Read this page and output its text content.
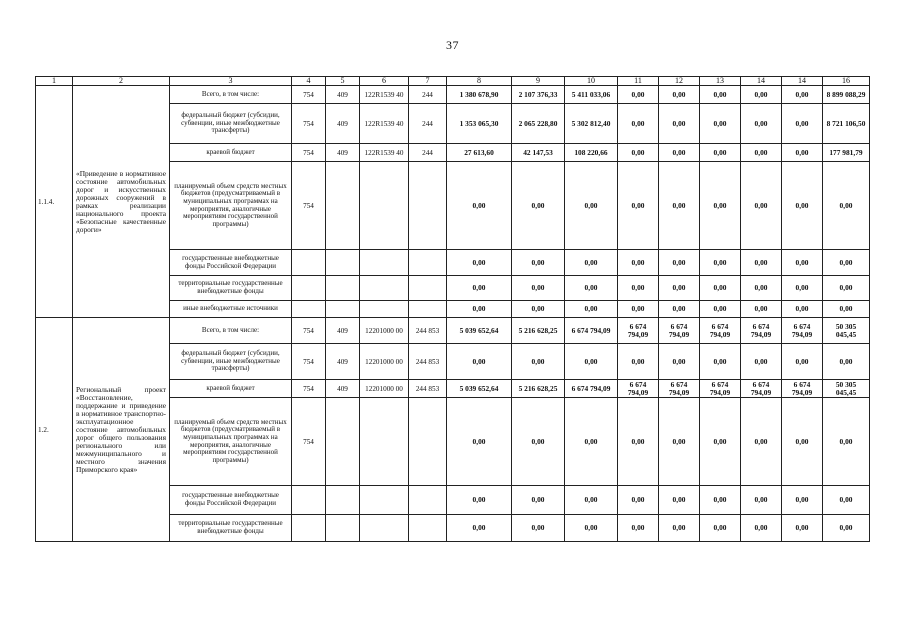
37
1	2	3	4	5	6	7	8	9	10	11	12	13	14	14	16
1.1.4.	«Приведение в нормативное состояние автомобильных дорог и искусственных дорожных сооружений в рамках реализации национального проекта «Безопасные качественные дороги»	Всего, в том числе:	754	409	122R1539 40	244	1 380 678,90	2 107 376,33	5 411 033,06	0,00	0,00	0,00	0,00	0,00	8 899 088,29
		федеральный бюджет (субсидии, субвенции, иные межбюджетные трансферты)	754	409	122R1539 40	244	1 353 065,30	2 065 228,80	5 302 812,40	0,00	0,00	0,00	0,00	0,00	8 721 106,50
		краевой бюджет	754	409	122R1539 40	244	27 613,60	42 147,53	108 220,66	0,00	0,00	0,00	0,00	0,00	177 981,79
		планируемый объем средств местных бюджетов (предусматриваемый в муниципальных программах на мероприятия, аналогичные мероприятиям государственной программы)	754				0,00	0,00	0,00	0,00	0,00	0,00	0,00	0,00	0,00
		государственные внебюджетные фонды Российской Федерации					0,00	0,00	0,00	0,00	0,00	0,00	0,00	0,00	0,00
		территориальные государственные внебюджетные фонды					0,00	0,00	0,00	0,00	0,00	0,00	0,00	0,00	0,00
		иные внебюджетные источники					0,00	0,00	0,00	0,00	0,00	0,00	0,00	0,00	0,00
1.2.	Региональный проект «Восстановление, поддержание и приведение в нормативное транспортно-эксплуатационное состояние автомобильных дорог общего пользования регионального или межмуниципального и местного значения Приморского края»	Всего, в том числе:	754	409	12201000 00	244 853	5 039 652,64	5 216 628,25	6 674 794,09	6 674 794,09	6 674 794,09	6 674 794,09	6 674 794,09	6 674 794,09	50 305 045,45
		федеральный бюджет (субсидии, субвенции, иные межбюджетные трансферты)	754	409	12201000 00	244 853	0,00	0,00	0,00	0,00	0,00	0,00	0,00	0,00	0,00
		краевой бюджет	754	409	12201000 00	244 853	5 039 652,64	5 216 628,25	6 674 794,09	6 674 794,09	6 674 794,09	6 674 794,09	6 674 794,09	6 674 794,09	50 305 045,45
		планируемый объем средств местных бюджетов (предусматриваемый в муниципальных программах на мероприятия, аналогичные мероприятиям государственной программы)	754				0,00	0,00	0,00	0,00	0,00	0,00	0,00	0,00	0,00
		государственные внебюджетные фонды Российской Федерации					0,00	0,00	0,00	0,00	0,00	0,00	0,00	0,00	0,00
		территориальные государственные внебюджетные фонды					0,00	0,00	0,00	0,00	0,00	0,00	0,00	0,00	0,00
